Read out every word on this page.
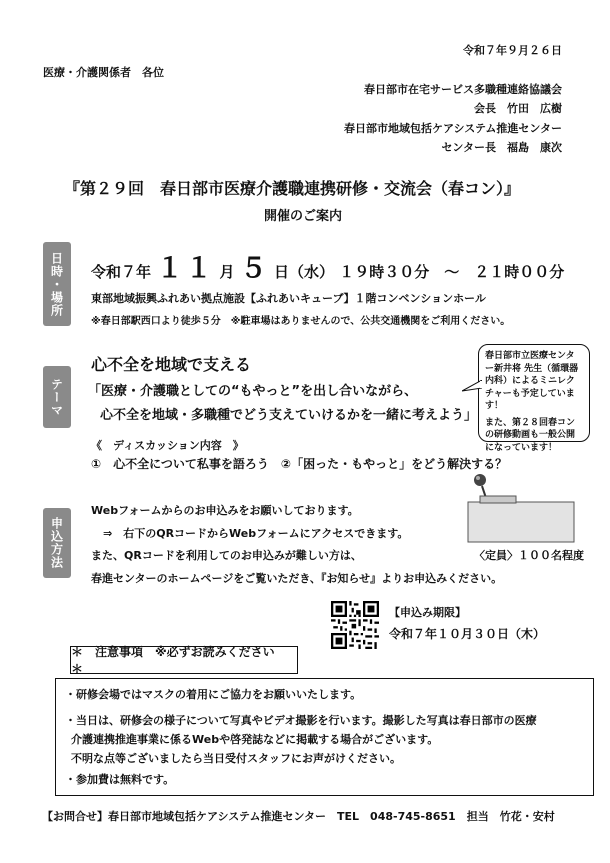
令和７年９月２６日
医療・介護関係者　各位
春日部市在宅サービス多職種連絡協議会
会長　竹田　広樹
春日部市地域包括ケアシステム推進センター
センター長　福島　康次
『第２９回　春日部市医療介護職連携研修・交流会（春コン）』
開催のご案内
日時・場所	令和７年 １１ 月 ５ 日（水） １９時３０分　～　２１時００分
東部地域振興ふれあい拠点施設【ふれあいキューブ】１階コンベンションホール
※春日部駅西口より徒歩５分　※駐車場はありませんので、公共交通機関をご利用ください。
テーマ
心不全を地域で支える
「医療・介護職としての“もやっと”を出し合いながら、
心不全を地域・多職種でどう支えていけるかを一緒に考えよう」
《　ディスカッション内容　》
①　心不全について私事を語ろう　②「困った・もやっと」をどう解決する？
春日部市立医療センター新井将 先生（循環器内科）によるミニレクチャーも予定しています！
また、第２８回春コンの研修動画も一般公開になっています！
申込方法
Webフォームからのお申込みをお願いしております。
⇒　右下のQRコードからWebフォームにアクセスできます。
また、QRコードを利用してのお申込みが難しい方は、
春進センターのホームページをご覧いただき、『お知らせ』よりお申込みください。
〈定員〉１００名程度
【申込み期限】
令和７年１０月３０日（木）
＊　注意事項　※必ずお読みください　＊
・研修会場ではマスクの着用にご協力をお願いいたします。
・当日は、研修会の様子について写真やビデオ撮影を行います。撮影した写真は春日部市の医療
介護連携推進事業に係るWebや啓発誌などに掲載する場合がございます。
不明な点等ございましたら当日受付スタッフにお声がけください。
・参加費は無料です。
【お問合せ】春日部市地域包括ケアシステム推進センター　TEL　048-745-8651　担当　竹花・安村
